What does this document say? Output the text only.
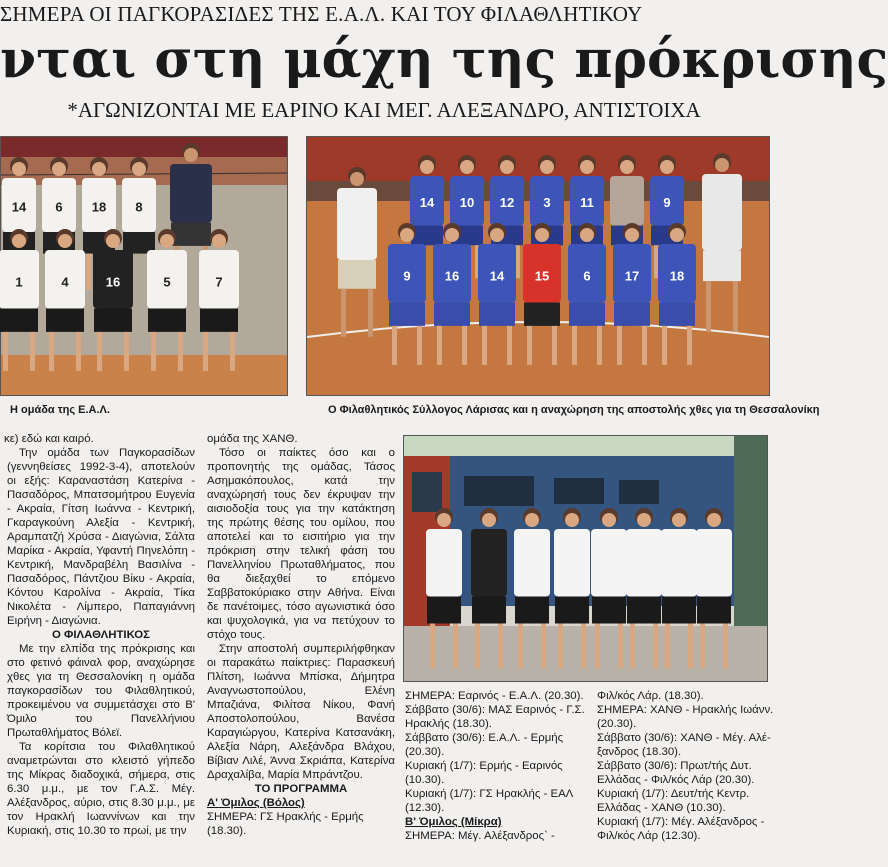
ΣΗΜΕΡΑ ΟΙ ΠΑΓΚΟΡΑΣΙΔΕΣ ΤΗΣ Ε.Α.Λ. ΚΑΙ ΤΟΥ ΦΙΛΑΘΛΗΤΙΚΟΥ
νται στη μάχη της πρόκρισης
*ΑΓΩΝΙΖΟΝΤΑΙ ΜΕ ΕΑΡΙΝΟ ΚΑΙ ΜΕΓ. ΑΛΕΞΑΝΔΡΟ, ΑΝΤΙΣΤΟΙΧΑ
14 6 18 8
1	4	16	5	7
14 10 12 3 11	9
9	16 14 15	6	17 18
Η ομάδα της Ε.Α.Λ.	Ο Φιλαθλητικός Σύλλογος Λάρισας και η αναχώρηση της αποστολής χθες για τη Θεσσαλονίκη

κε) εδώ και καιρό.

Την ομάδα των Παγκορασίδων (γεννηθείσες 1992-3-4), αποτελούν οι εξής: Καραναστάση Κατερίνα - Πασαδόρος, Μπατσομήτρου Ευγενία - Ακραία, Γίτση Ιωάννα - Κεντρική, Γκαραγκούνη Αλεξία - Κεντρική, Αραμπατζή Χρύσα - Διαγώνια, Σάλτα Μαρίκα - Ακραία, Υφαντή Πηνελόπη - Κεντρική, Μανδραβέλη Βασιλίνα - Πασαδόρος, Πάντζιου Βίκυ - Ακραία, Κόντου Καρολίνα - Ακραία, Τίκα Νικολέτα - Λίμπερο, Παπαγιάννη Ειρήνη - Διαγώνια.

Ο ΦΙΛΑΘΛΗΤΙΚΟΣ

Με την ελπίδα της πρόκρισης και στο φετινό φάιναλ φορ, αναχώρησε χθες για τη Θεσσαλονίκη η ομάδα παγκορασίδων του Φιλαθλητικού, προκειμένου να συμμετάσχει στο Β' Όμιλο του Πανελλήνιου Πρωταθλήματος Βόλεϊ.

Τα κορίτσια του Φιλαθλητικού αναμετρώνται στο κλειστό γήπεδο της Μίκρας διαδοχικά, σήμερα, στις 6.30 μ.μ., με τον Γ.Α.Σ. Μέγ. Αλέξανδρος, αύριο, στις 8.30 μ.μ., με τον Ηρακλή Ιωαννίνων και την Κυριακή, στις 10.30 το πρωί, με την

ομάδα της ΧΑΝΘ.

Τόσο οι παίκτες όσο και ο προπονητής της ομάδας, Τάσος Ασημακόπουλος, κατά την αναχώρησή τους δεν έκρυψαν την αισιοδοξία τους για την κατάκτηση της πρώτης θέσης του ομίλου, που αποτελεί και το εισιτήριο για την πρόκριση στην τελική φάση του Πανελληνίου Πρωταθλήματος, που θα διεξαχθεί το επόμενο Σαββατοκύριακο στην Αθήνα. Είναι δε πανέτοιμες, τόσο αγωνιστικά όσο και ψυχολογικά, για να πετύχουν το στόχο τους.

Στην αποστολή συμπεριλήφθηκαν οι παρακάτω παίκτριες: Παρασκευή Πλίτση, Ιωάννα Μπίσκα, Δήμητρα Αναγνωστοπούλου, Ελένη Μπαζιάνα, Φιλίτσα Νίκου, Φανή Αποστολοπούλου, Βανέσα Καραγιώργου, Κατερίνα Κατσανάκη, Αλεξία Νάρη, Αλεξάνδρα Βλάχου, Βίβιαν Λιλέ, Άννα Σκριάπα, Κατερίνα Δραχαλίβα, Μαρία Μπράντζου.

ΤΟ ΠΡΟΓΡΑΜΜΑ

Α' Όμιλος (Βόλος)

ΣΗΜΕΡΑ: ΓΣ Ηρακλής - Ερμής

(18.30).

ΣΗΜΕΡΑ: Εαρινός - Ε.Α.Λ. (20.30).

Σάββατο (30/6): ΜΑΣ Εαρινός - Γ.Σ.

Ηρακλής (18.30).

Σάββατο (30/6): Ε.Α.Λ. - Ερμής

(20.30).

Κυριακή (1/7): Ερμής - Εαρινός

(10.30).

Κυριακή (1/7): ΓΣ Ηρακλής - ΕΑΛ

(12.30).

Β' Όμιλος (Μίκρα)

ΣΗΜΕΡΑ: Μέγ. Αλέξανδρος` -

Φιλ/κός Λάρ. (18.30).

ΣΗΜΕΡΑ: ΧΑΝΘ - Ηρακλής Ιωάνν.

(20.30).

Σάββατο (30/6): ΧΑΝΘ - Μέγ. Αλέ-

ξανδρος (18.30).

Σάββατο (30/6): Πρωτ/τής Δυτ.

Ελλάδας - Φιλ/κός Λάρ (20.30).

Κυριακή (1/7): Δευτ/τής Κεντρ.

Ελλάδας - ΧΑΝΘ (10.30).

Κυριακή (1/7): Μέγ. Αλέξανδρος -

Φιλ/κός Λάρ (12.30).
